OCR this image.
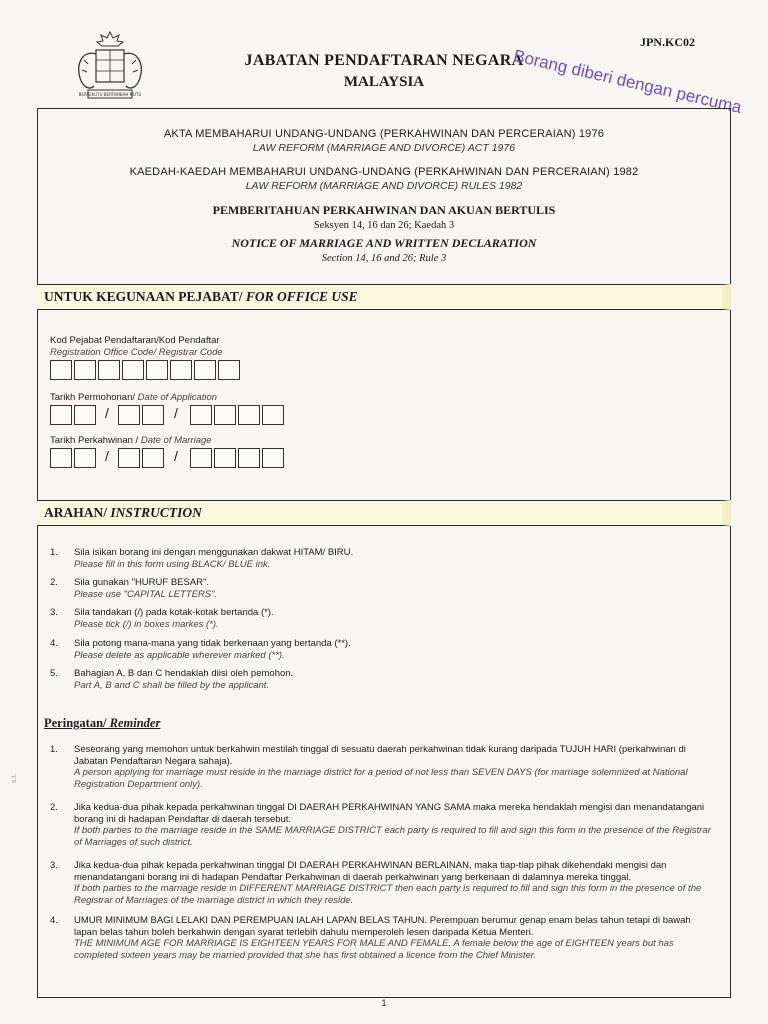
BERSEKUTU BERTAMBAH MUTU
JPN.KC02
JABATAN PENDAFTARAN NEGARA
MALAYSIA	Borang diberi dengan percuma
AKTA MEMBAHARUI UNDANG-UNDANG (PERKAHWINAN DAN PERCERAIAN) 1976
LAW REFORM (MARRIAGE AND DIVORCE) ACT 1976
KAEDAH-KAEDAH MEMBAHARUI UNDANG-UNDANG (PERKAHWINAN DAN PERCERAIAN) 1982
LAW REFORM (MARRIAGE AND DIVORCE) RULES 1982
PEMBERITAHUAN PERKAHWINAN DAN AKUAN BERTULIS
Seksyen 14, 16 dan 26; Kaedah 3
NOTICE OF MARRIAGE AND WRITTEN DECLARATION
Section 14, 16 and 26; Rule 3
UNTUK KEGUNAAN PEJABAT/ FOR OFFICE USE
Kod Pejabat Pendaftaran/Kod Pendaftar
Registration Office Code/ Registrar Code
Tarikh Permohonan/ Date of Application
/	/
Tarikh Perkahwinan / Date of Marriage
/	/
ARAHAN/ INSTRUCTION
1. Sila isikan borang ini dengan menggunakan dakwat HITAM/ BIRU.
Please fill in this form using BLACK/ BLUE ink.
2. Sila gunakan "HURUF BESAR".
Please use "CAPITAL LETTERS".
3. Sila tandakan (/) pada kotak-kotak bertanda (*).
Please tick (/) in boxes markes (*).
4. Sila potong mana-mana yang tidak berkenaan yang bertanda (**).
Please delete as applicable wherever marked (**).
5. Bahagian A, B dan C hendaklah diisi oleh pemohon.
Part A, B and C shall be filled by the applicant.
Peringatan/ Reminder
1. Seseorang yang memohon untuk berkahwin mestilah tinggal di sesuatu daerah perkahwinan tidak kurang daripada TUJUH HARI (perkahwinan di Jabatan Pendaftaran Negara sahaja).
A person applying for marriage must reside in the marriage district for a period of not less than SEVEN DAYS (for marriage solemnized at National Registration Department only).
2. Jika kedua-dua pihak kepada perkahwinan tinggal DI DAERAH PERKAHWINAN YANG SAMA maka mereka hendaklah mengisi dan menandatangani borang ini di hadapan Pendaftar di daerah tersebut.
If both parties to the marriage reside in the SAME MARRIAGE DISTRICT each party is required to fill and sign this form in the presence of the Registrar of Marriages of such district.
3. Jika kedua-dua pihak kepada perkahwinan tinggal DI DAERAH PERKAHWINAN BERLAINAN, maka tiap-tiap pihak dikehendaki mengisi dan menandatangani borang ini di hadapan Pendaftar Perkahwinan di daerah perkahwinan yang berkenaan di dalamnya mereka tinggal.
If both parties to the marriage reside in DIFFERENT MARRIAGE DISTRICT then each party is required to fill and sign this form in the presence of the Registrar of Marriages of the marriage district in which they reside.
4. UMUR MINIMUM BAGI LELAKI DAN PEREMPUAN IALAH LAPAN BELAS TAHUN. Perempuan berumur genap enam belas tahun tetapi di bawah lapan belas tahun boleh berkahwin dengan syarat terlebih dahulu memperoleh lesen daripada Ketua Menteri.
THE MINIMUM AGE FOR MARRIAGE IS EIGHTEEN YEARS FOR MALE AND FEMALE. A female below the age of EIGHTEEN years but has completed sixteen years may be married provided that she has first obtained a licence from the Chief Minister.
s.t.
1
